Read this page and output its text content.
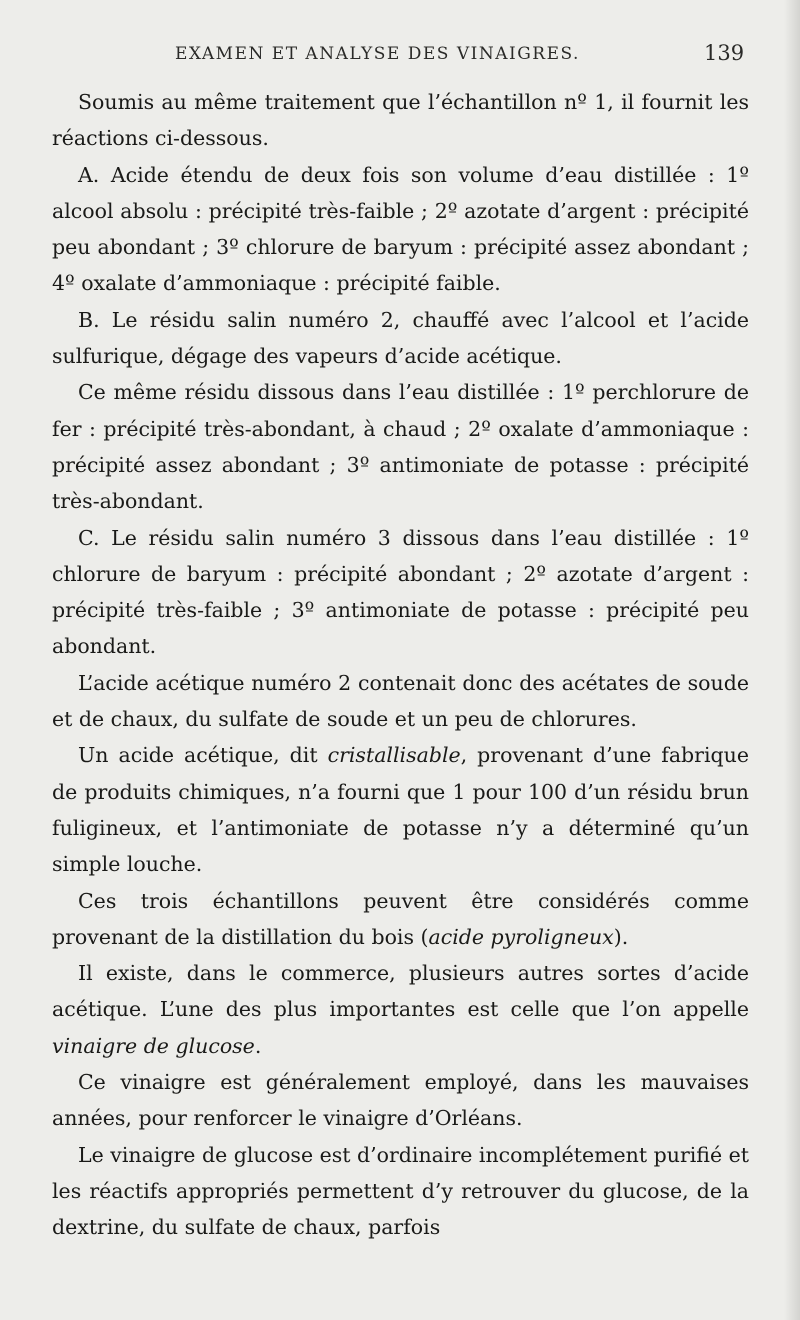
EXAMEN ET ANALYSE DES VINAIGRES.	139

Soumis au même traitement que l’échantillon nº 1, il fournit les réactions ci-dessous.

A. Acide étendu de deux fois son volume d’eau distillée : 1º alcool absolu : précipité très-faible ; 2º azotate d’argent : précipité peu abondant ; 3º chlorure de baryum : précipité assez abondant ; 4º oxalate d’ammoniaque : précipité faible.

B. Le résidu salin numéro 2, chauffé avec l’alcool et l’acide sulfurique, dégage des vapeurs d’acide acétique.

Ce même résidu dissous dans l’eau distillée : 1º perchlorure de fer : précipité très-abondant, à chaud ; 2º oxalate d’ammoniaque : précipité assez abondant ; 3º antimoniate de potasse : précipité très-abondant.

C. Le résidu salin numéro 3 dissous dans l’eau distillée : 1º chlorure de baryum : précipité abondant ; 2º azotate d’argent : précipité très-faible ; 3º antimoniate de potasse : précipité peu abondant.

L’acide acétique numéro 2 contenait donc des acétates de soude et de chaux, du sulfate de soude et un peu de chlorures.

Un acide acétique, dit cristallisable, provenant d’une fabrique de produits chimiques, n’a fourni que 1 pour 100 d’un résidu brun fuligineux, et l’antimoniate de potasse n’y a déterminé qu’un simple louche.

Ces trois échantillons peuvent être considérés comme provenant de la distillation du bois (acide pyroligneux).

Il existe, dans le commerce, plusieurs autres sortes d’acide acétique. L’une des plus importantes est celle que l’on appelle vinaigre de glucose.

Ce vinaigre est généralement employé, dans les mauvaises années, pour renforcer le vinaigre d’Orléans.

Le vinaigre de glucose est d’ordinaire incomplétement purifié et les réactifs appropriés permettent d’y retrouver du glucose, de la dextrine, du sulfate de chaux, parfois
